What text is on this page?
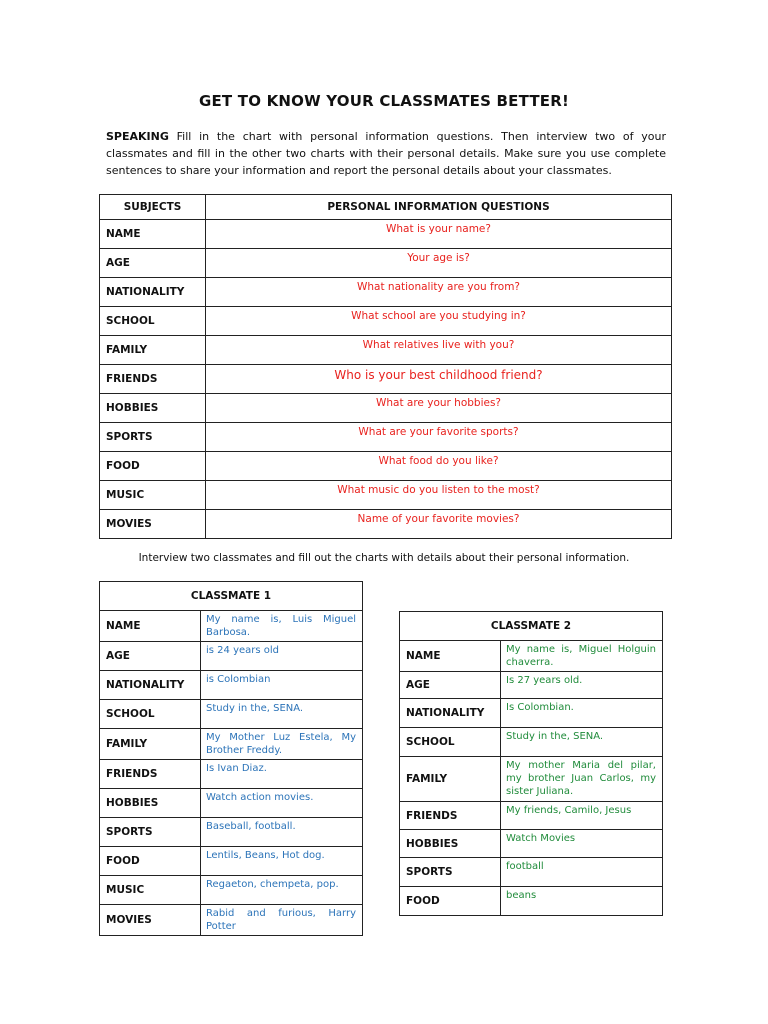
GET TO KNOW YOUR CLASSMATES BETTER!
SPEAKING Fill in the chart with personal information questions. Then interview two of your classmates and fill in the other two charts with their personal details. Make sure you use complete sentences to share your information and report the personal details about your classmates.
SUBJECTS	PERSONAL INFORMATION QUESTIONS
NAME	What is your name?
AGE	Your age is?
NATIONALITY	What nationality are you from?
SCHOOL	What school are you studying in?
FAMILY	What relatives live with you?
FRIENDS	Who is your best childhood friend?
HOBBIES	What are your hobbies?
SPORTS	What are your favorite sports?
FOOD	What food do you like?
MUSIC	What music do you listen to the most?
MOVIES	Name of your favorite movies?
Interview two classmates and fill out the charts with details about their personal information.
CLASSMATE 1	
NAME	My name is, Luis Miguel Barbosa.
AGE	is 24 years old
NATIONALITY	is Colombian
SCHOOL	Study in the, SENA.
FAMILY	My Mother Luz Estela, My Brother Freddy.
FRIENDS	Is Ivan Diaz.
HOBBIES	Watch action movies.
SPORTS	Baseball, football.
FOOD	Lentils, Beans, Hot dog.
MUSIC	Regaeton, chempeta, pop.
MOVIES	Rabid and furious, Harry Potter
CLASSMATE 2	
NAME	My name is, Miguel Holguin chaverra.
AGE	Is 27 years old.
NATIONALITY	Is Colombian.
SCHOOL	Study in the, SENA.
FAMILY	My mother Maria del pilar, my brother Juan Carlos, my sister Juliana.
FRIENDS	My friends, Camilo, Jesus
HOBBIES	Watch Movies
SPORTS	football
FOOD	beans
